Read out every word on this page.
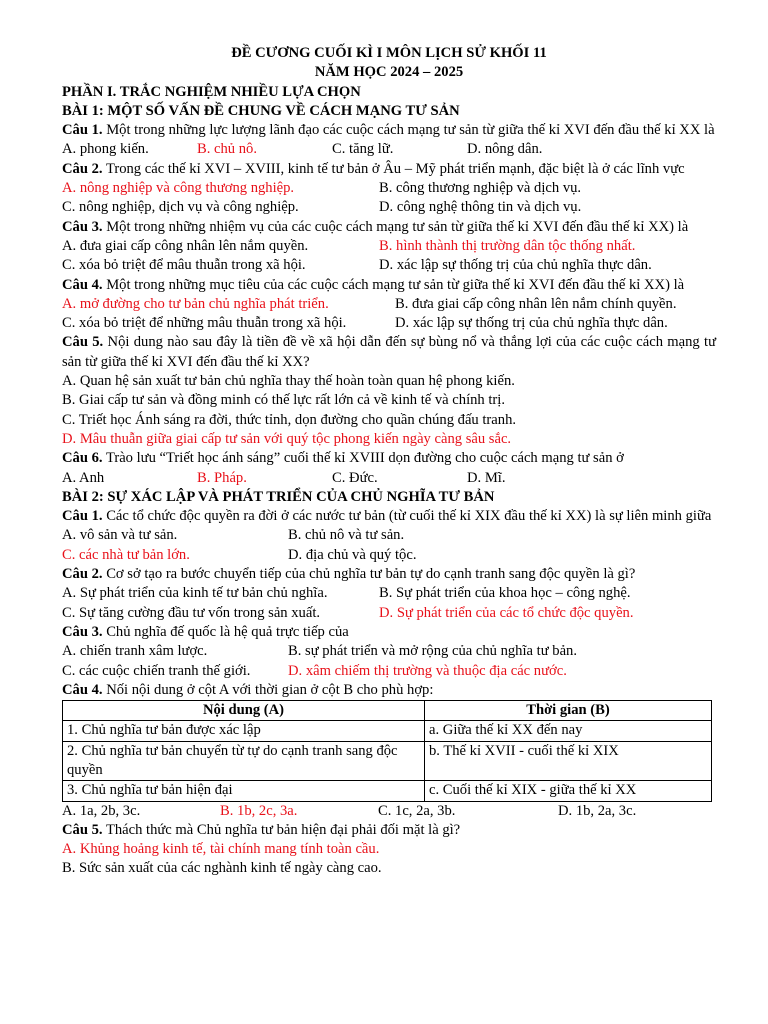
ĐỀ CƯƠNG CUỐI KÌ I MÔN LỊCH SỬ KHỐI 11
NĂM HỌC 2024 – 2025
PHẦN I. TRẮC NGHIỆM NHIỀU LỰA CHỌN
BÀI 1: MỘT SỐ VẤN ĐỀ CHUNG VỀ CÁCH MẠNG TƯ SẢN
Câu 1. Một trong những lực lượng lãnh đạo các cuộc cách mạng tư sản từ giữa thế kỉ XVI đến đầu thế kỉ XX là
A. phong kiến.	B. chủ nô.	C. tăng lữ.	D. nông dân.
Câu 2. Trong các thế kỉ XVI – XVIII, kinh tế tư bản ở Âu – Mỹ phát triển mạnh, đặc biệt là ở các lĩnh vực
A. nông nghiệp và công thương nghiệp.	B. công thương nghiệp và dịch vụ.
C. nông nghiệp, dịch vụ và công nghiệp.	D. công nghệ thông tin và dịch vụ.
Câu 3. Một trong những nhiệm vụ của các cuộc cách mạng tư sản từ giữa thế kỉ XVI đến đầu thế kỉ XX) là
A. đưa giai cấp công nhân lên nắm quyền.	B. hình thành thị trường dân tộc thống nhất.
C. xóa bỏ triệt để mâu thuẫn trong xã hội.	D. xác lập sự thống trị của chủ nghĩa thực dân.
Câu 4. Một trong những mục tiêu của các cuộc cách mạng tư sản từ giữa thế kỉ XVI đến đầu thế kỉ XX) là
A. mở đường cho tư bản chủ nghĩa phát triển.	B. đưa giai cấp công nhân lên nắm chính quyền.
C. xóa bỏ triệt để những mâu thuẫn trong xã hội.	D. xác lập sự thống trị của chủ nghĩa thực dân.
Câu 5. Nội dung nào sau đây là tiền đề về xã hội dẫn đến sự bùng nổ và thắng lợi của các cuộc cách mạng tư sản từ giữa thế kỉ XVI đến đầu thế kỉ XX?
A. Quan hệ sản xuất tư bản chủ nghĩa thay thế hoàn toàn quan hệ phong kiến.
B. Giai cấp tư sản và đồng minh có thế lực rất lớn cả về kinh tế và chính trị.
C. Triết học Ánh sáng ra đời, thức tỉnh, dọn đường cho quần chúng đấu tranh.
D. Mâu thuẫn giữa giai cấp tư sản với quý tộc phong kiến ngày càng sâu sắc.
Câu 6. Trào lưu “Triết học ánh sáng” cuối thế kỉ XVIII dọn đường cho cuộc cách mạng tư sản ở
A. Anh	B. Pháp.	C. Đức.	D. Mĩ.
BÀI 2: SỰ XÁC LẬP VÀ PHÁT TRIỂN CỦA CHỦ NGHĨA TƯ BẢN
Câu 1. Các tổ chức độc quyền ra đời ở các nước tư bản (từ cuối thế kỉ XIX đầu thế kỉ XX) là sự liên minh giữa
A. vô sản và tư sản.	B. chủ nô và tư sản.
C. các nhà tư bản lớn.	D. địa chủ và quý tộc.
Câu 2. Cơ sở tạo ra bước chuyển tiếp của chủ nghĩa tư bản tự do cạnh tranh sang độc quyền là gì?
A. Sự phát triển của kinh tế tư bản chủ nghĩa.	B. Sự phát triển của khoa học – công nghệ.
C. Sự tăng cường đầu tư vốn trong sản xuất.	D. Sự phát triển của các tổ chức độc quyền.
Câu 3. Chủ nghĩa đế quốc là hệ quả trực tiếp của
A. chiến tranh xâm lược.	B. sự phát triển và mở rộng của chủ nghĩa tư bản.
C. các cuộc chiến tranh thế giới.	D. xâm chiếm thị trường và thuộc địa các nước.
Câu 4. Nối nội dung ở cột A với thời gian ở cột B cho phù hợp:
Nội dung (A)	Thời gian (B)
1. Chủ nghĩa tư bản được xác lập	a. Giữa thế kỉ XX đến nay
2. Chủ nghĩa tư bản chuyển từ tự do cạnh tranh sang độc quyền	b. Thế kỉ XVII - cuối thế kỉ XIX
3. Chủ nghĩa tư bản hiện đại	c. Cuối thế kỉ XIX - giữa thế kỉ XX
A. 1a, 2b, 3c.	B. 1b, 2c, 3a.	C. 1c, 2a, 3b.	D. 1b, 2a, 3c.
Câu 5. Thách thức mà Chủ nghĩa tư bản hiện đại phải đối mặt là gì?
A. Khủng hoảng kinh tế, tài chính mang tính toàn cầu.
B. Sức sản xuất của các nghành kinh tế ngày càng cao.
